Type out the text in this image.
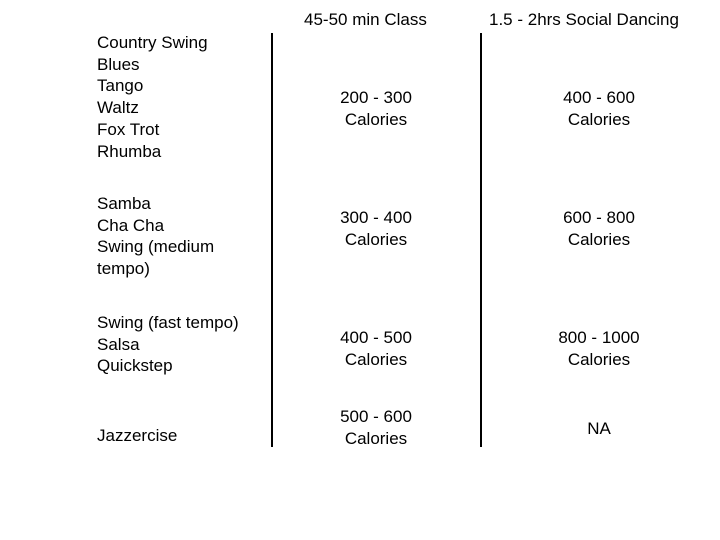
45-50 min Class	1.5 - 2hrs Social Dancing
Country Swing
Blues
Tango
Waltz
Fox Trot
Rhumba
200 - 300
Calories
400 - 600
Calories
Samba
Cha Cha
Swing (medium
tempo)
300 - 400
Calories
600 - 800
Calories
Swing (fast tempo)
Salsa
Quickstep
400 - 500
Calories
800 - 1000
Calories
Jazzercise
500 - 600
Calories
NA
